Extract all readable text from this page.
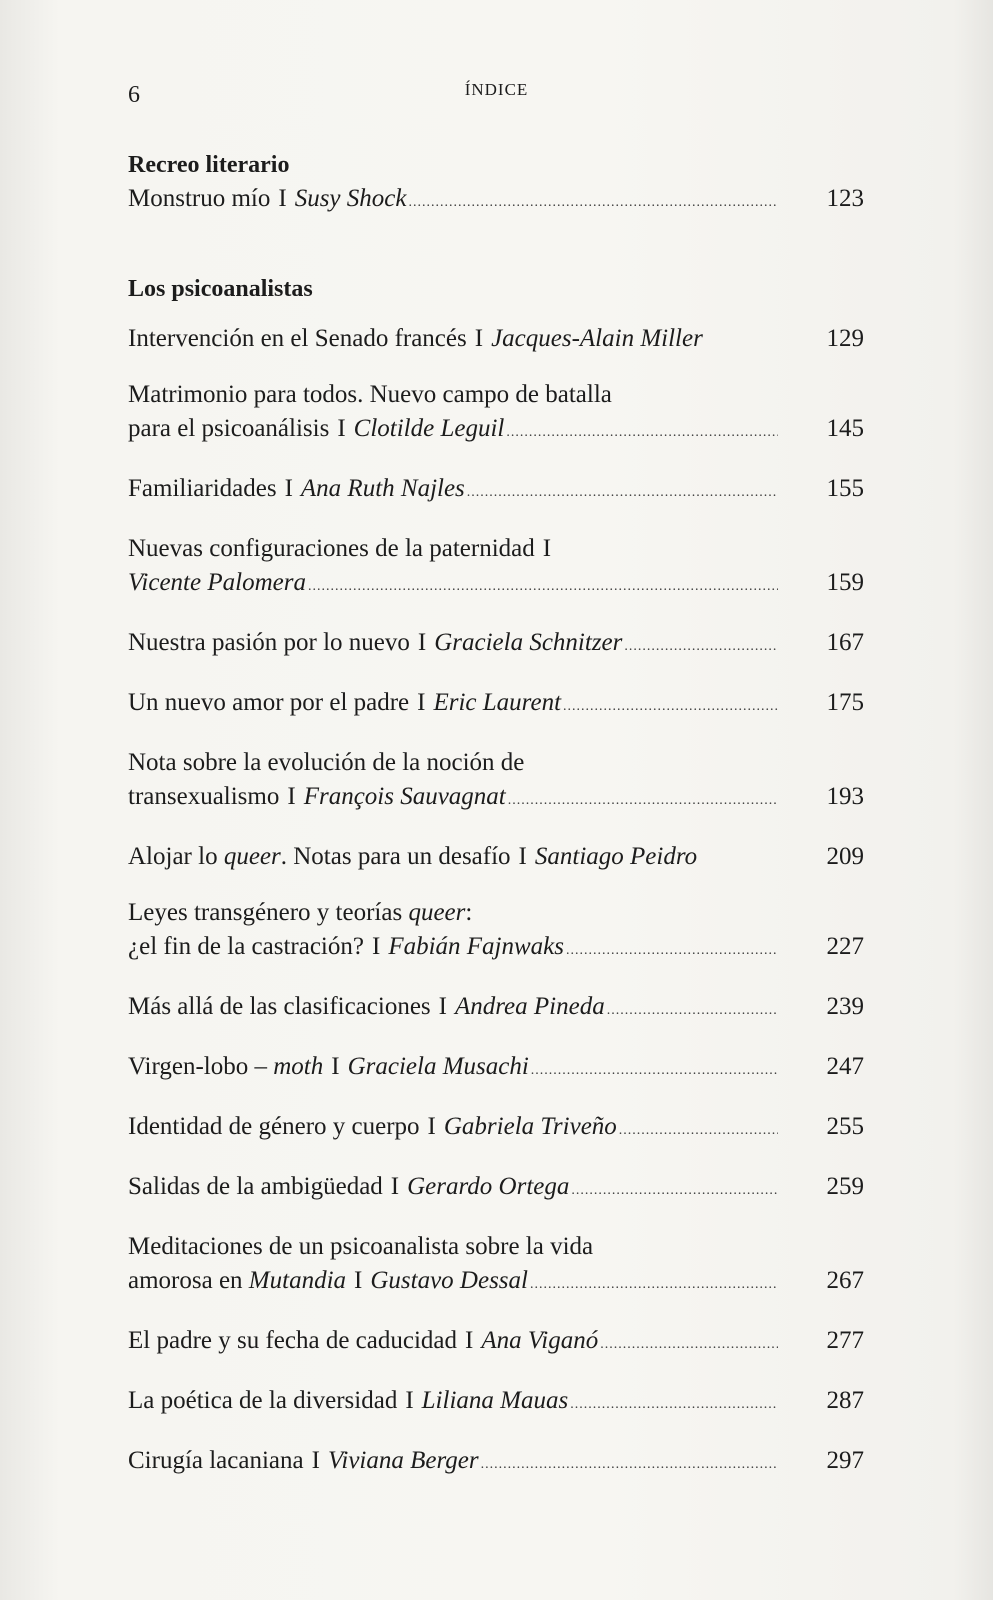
6	ÍNDICE
Recreo literario
Monstruo mío I Susy Shock .....	123
Los psicoanalistas
Intervención en el Senado francés I Jacques-Alain Miller	129
Matrimonio para todos. Nuevo campo de batalla
para el psicoanálisis I Clotilde Leguil .....	145
Familiaridades I Ana Ruth Najles .....	155
Nuevas configuraciones de la paternidad I
Vicente Palomera .....	159
Nuestra pasión por lo nuevo I Graciela Schnitzer .....	167
Un nuevo amor por el padre I Eric Laurent .....	175
Nota sobre la evolución de la noción de
transexualismo I François Sauvagnat .....	193
Alojar lo
queer . Notas para un desafío I Santiago Peidro	209
Leyes transgénero y teorías
queer :
¿el fin de la castración? I Fabián Fajnwaks .....	227
Más allá de las clasificaciones I Andrea Pineda .....	239
Virgen-lobo –
moth I Graciela Musachi .....	247
Identidad de género y cuerpo I Gabriela Triveño .....	255
Salidas de la ambigüedad I Gerardo Ortega .....	259
Meditaciones de un psicoanalista sobre la vida
amorosa en
Mutandia I Gustavo Dessal .....	267
El padre y su fecha de caducidad I Ana Viganó .....	277
La poética de la diversidad I Liliana Mauas .....	287
Cirugía lacaniana I Viviana Berger .....	297
